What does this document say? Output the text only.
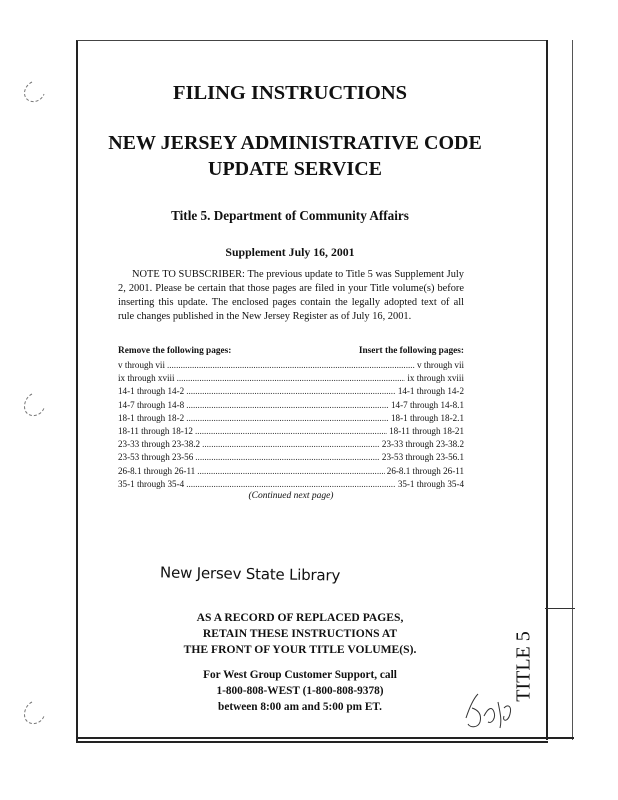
FILING INSTRUCTIONS
NEW JERSEY ADMINISTRATIVE CODE
UPDATE SERVICE
Title 5. Department of Community Affairs
Supplement July 16, 2001
NOTE TO SUBSCRIBER: The previous update to Title 5 was Supplement July 2, 2001. Please be certain that those pages are filed in your Title volume(s) before inserting this update. The enclosed pages contain the legally adopted text of all rule changes published in the New Jersey Register as of July 16, 2001.
Remove the following pages:	Insert the following pages:
v through vii .....	v through vii
ix through xviii .....	ix through xviii
14-1 through 14-2 .....	14-1 through 14-2
14-7 through 14-8 .....	14-7 through 14-8.1
18-1 through 18-2 .....	18-1 through 18-2.1
18-11 through 18-12 .....	18-11 through 18-21
23-33 through 23-38.2 .....	23-33 through 23-38.2
23-53 through 23-56 .....	23-53 through 23-56.1
26-8.1 through 26-11 .....	26-8.1 through 26-11
35-1 through 35-4 .....	35-1 through 35-4
(Continued next page)
New Jersev State Library
AS A RECORD OF REPLACED PAGES,
RETAIN THESE INSTRUCTIONS AT
THE FRONT OF YOUR TITLE VOLUME(S).
For West Group Customer Support, call
1-800-808-WEST (1-800-808-9378)
between 8:00 am and 5:00 pm ET.
TITLE 5
